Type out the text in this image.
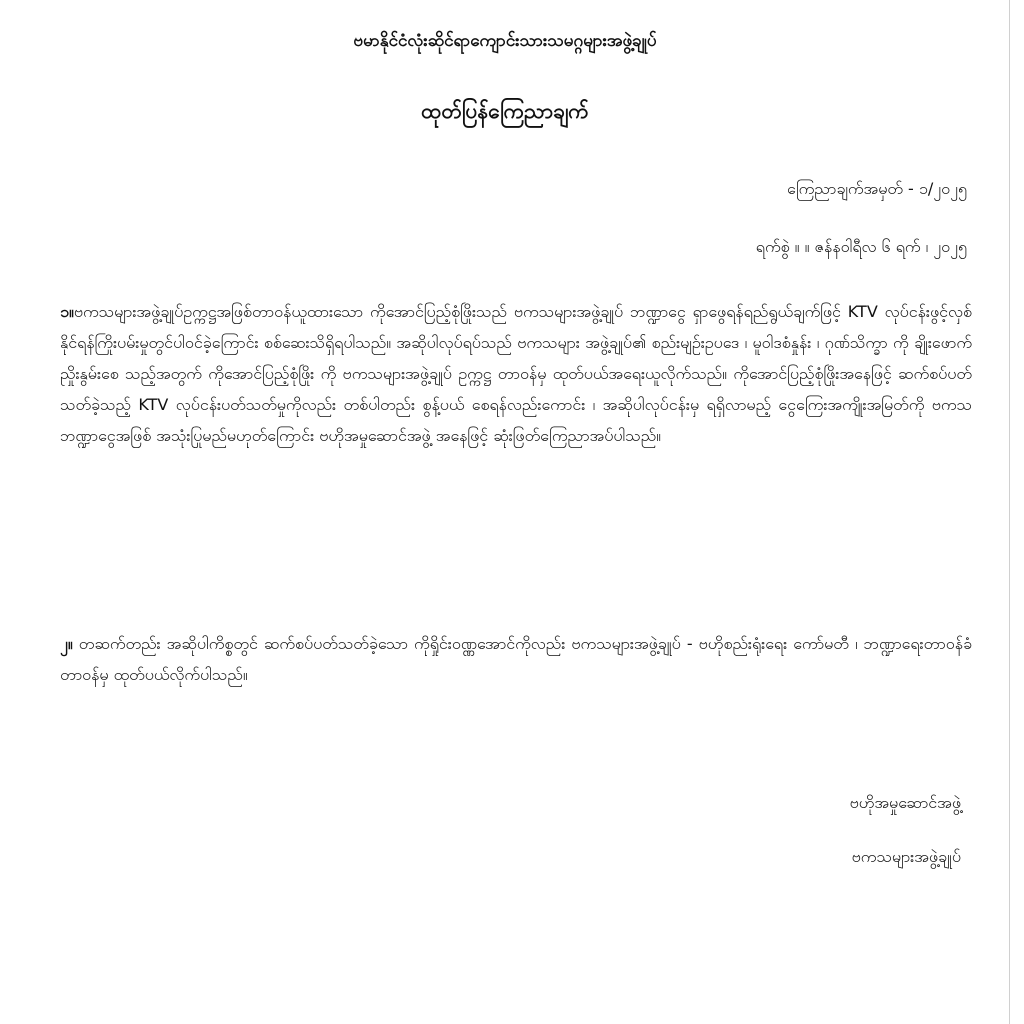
ဗမာနိုင်ငံလုံးဆိုင်ရာကျောင်းသားသမဂ္ဂများအဖွဲ့ချုပ်
ထုတ်ပြန်ကြေညာချက်
ကြေညာချက်အမှတ် - ၁/၂၀၂၅
ရက်စွဲ ။ ။ ဇန်နဝါရီလ ၆ ရက် ၊ ၂၀၂၅
၁။ဗကသများအဖွဲ့ချုပ်ဥက္ကဋ္ဌအဖြစ်တာဝန်ယူထားသော ကိုအောင်ပြည့်စုံဖြိုးသည် ဗကသများအဖွဲ့ချုပ် ဘဏ္ဍာငွေ ရှာဖွေရန်ရည်ရွယ်ချက်ဖြင့် KTV လုပ်ငန်းဖွင့်လှစ်နိုင်ရန်ကြိုးပမ်းမှုတွင်ပါဝင်ခဲ့ကြောင်း စစ်ဆေးသိရှိရပါသည်။ အဆိုပါလုပ်ရပ်သည် ဗကသများ အဖွဲ့ချုပ်၏ စည်းမျဉ်းဥပဒေ ၊ မူဝါဒစံနှုန်း ၊ ဂုဏ်သိက္ခာ ကို ချိုးဖောက်ညှိုးနွမ်းစေ သည့်အတွက် ကိုအောင်ပြည့်စုံဖြိုး ကို ဗကသများအဖွဲ့ချုပ် ဥက္ကဋ္ဌ တာဝန်မှ ထုတ်ပယ်အရေးယူလိုက်သည်။ ကိုအောင်ပြည့်စုံဖြိုးအနေဖြင့် ဆက်စပ်ပတ်သတ်ခဲ့သည့် KTV လုပ်ငန်းပတ်သတ်မှုကိုလည်း တစ်ပါတည်း စွန့်ပယ် စေရန်လည်းကောင်း ၊ အဆိုပါလုပ်ငန်းမှ ရရှိလာမည့် ငွေကြေးအကျိုးအမြတ်ကို ဗကသဘဏ္ဍာငွေအဖြစ် အသုံးပြုမည်မဟုတ်ကြောင်း ဗဟိုအမှုဆောင်အဖွဲ့ အနေဖြင့် ဆုံးဖြတ်ကြေညာအပ်ပါသည်။
၂။ တဆက်တည်း အဆိုပါကိစ္စတွင် ဆက်စပ်ပတ်သတ်ခဲ့သော ကိုရှိုင်းဝဏ္ဏအောင်ကိုလည်း ဗကသများအဖွဲ့ချုပ် - ဗဟိုစည်းရုံးရေး ကော်မတီ ၊ ဘဏ္ဍာရေးတာဝန်ခံတာဝန်မှ ထုတ်ပယ်လိုက်ပါသည်။
ဗဟိုအမှုဆောင်အဖွဲ့
ဗကသများအဖွဲ့ချုပ်
